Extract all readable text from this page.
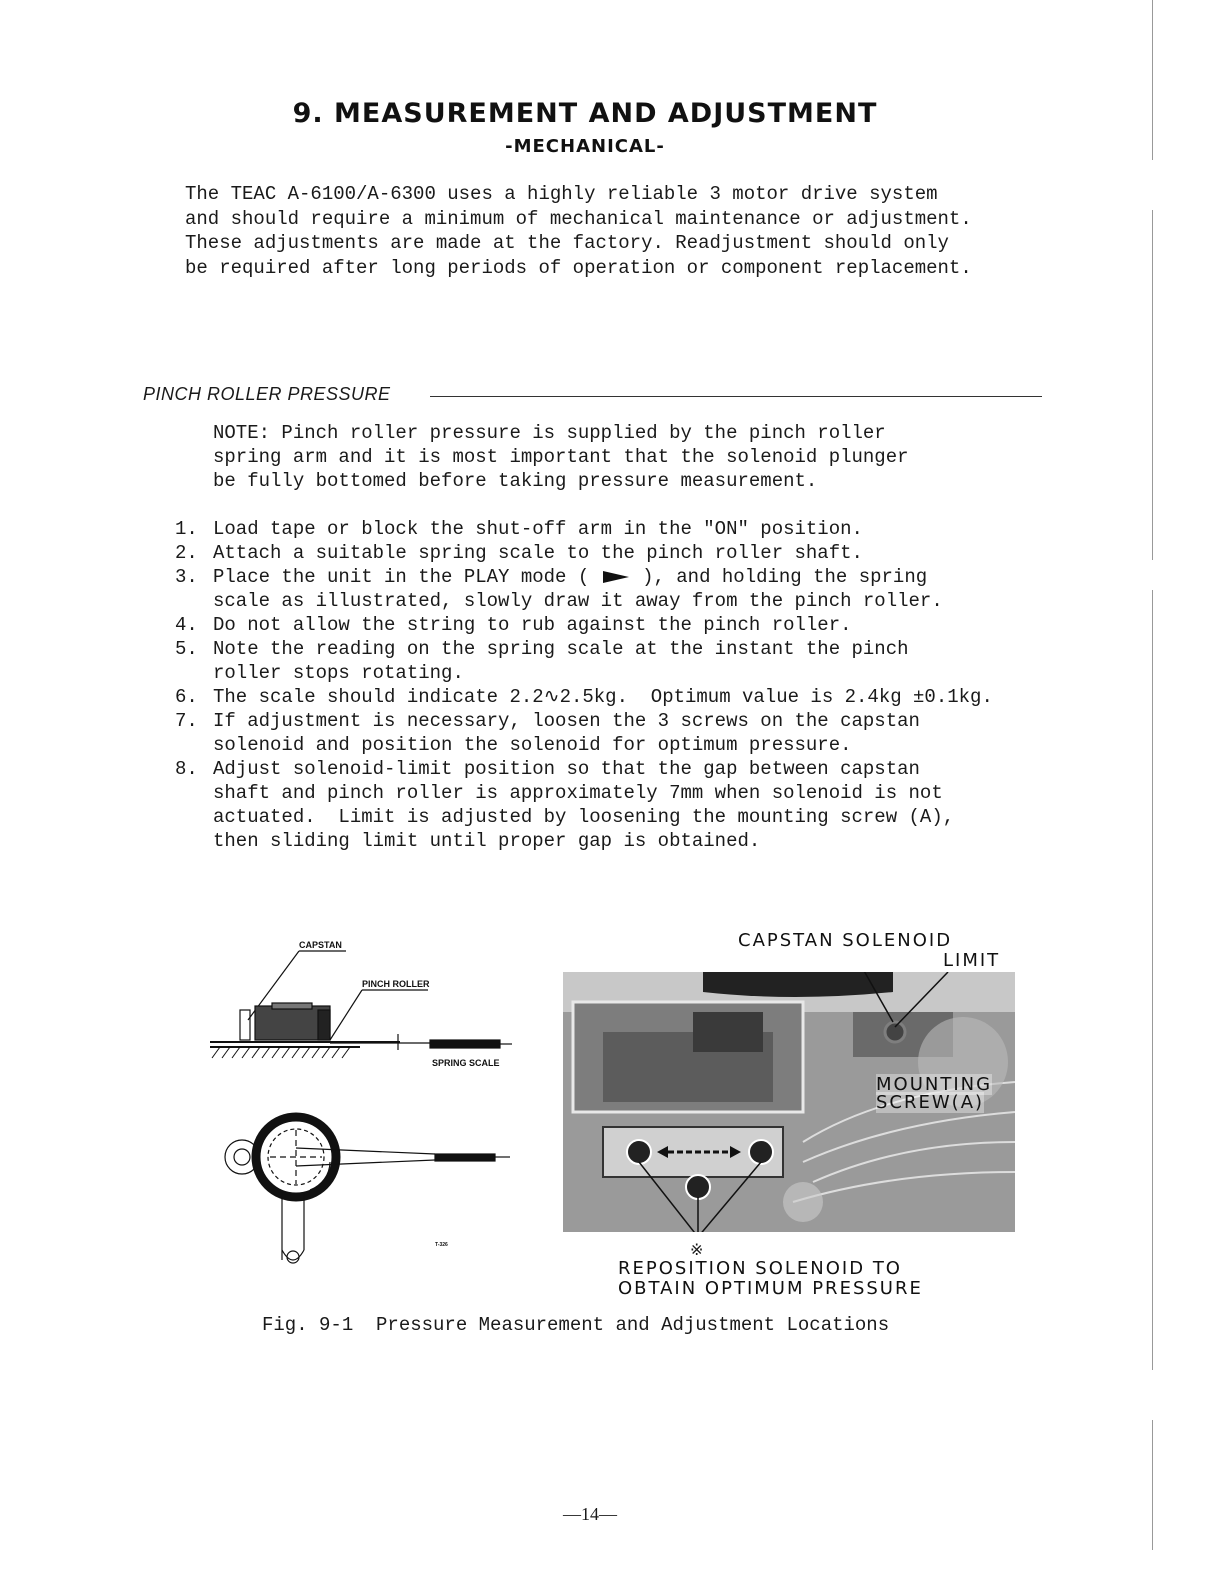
9. MEASUREMENT AND ADJUSTMENT
-MECHANICAL-

The TEAC A-6100/A-6300 uses a highly reliable 3 motor drive system

and should require a minimum of mechanical maintenance or adjustment.

These adjustments are made at the factory. Readjustment should only

be required after long periods of operation or component replacement.

PINCH ROLLER PRESSURE

NOTE: Pinch roller pressure is supplied by the pinch roller

spring arm and it is most important that the solenoid plunger

be fully bottomed before taking pressure measurement.

1. Load tape or block the shut-off arm in the "ON" position.

2. Attach a suitable spring scale to the pinch roller shaft.

3. Place the unit in the PLAY mode (	), and holding the spring

scale as illustrated, slowly draw it away from the pinch roller.

4. Do not allow the string to rub against the pinch roller.

5. Note the reading on the spring scale at the instant the pinch

roller stops rotating.

6. The scale should indicate 2.2∿2.5kg.  Optimum value is 2.4kg ±0.1kg.

7. If adjustment is necessary, loosen the 3 screws on the capstan

solenoid and position the solenoid for optimum pressure.

8. Adjust solenoid-limit position so that the gap between capstan

shaft and pinch roller is approximately 7mm when solenoid is not

actuated.  Limit is adjusted by loosening the mounting screw (A),

then sliding limit until proper gap is obtained.

CAPSTAN
PINCH ROLLER
SPRING SCALE
90°
T-326
CAPSTAN SOLENOID
LIMIT
MOUNTING
SCREW(A)
※
REPOSITION SOLENOID TO
OBTAIN OPTIMUM PRESSURE
Fig. 9-1  Pressure Measurement and Adjustment Locations
—14—
